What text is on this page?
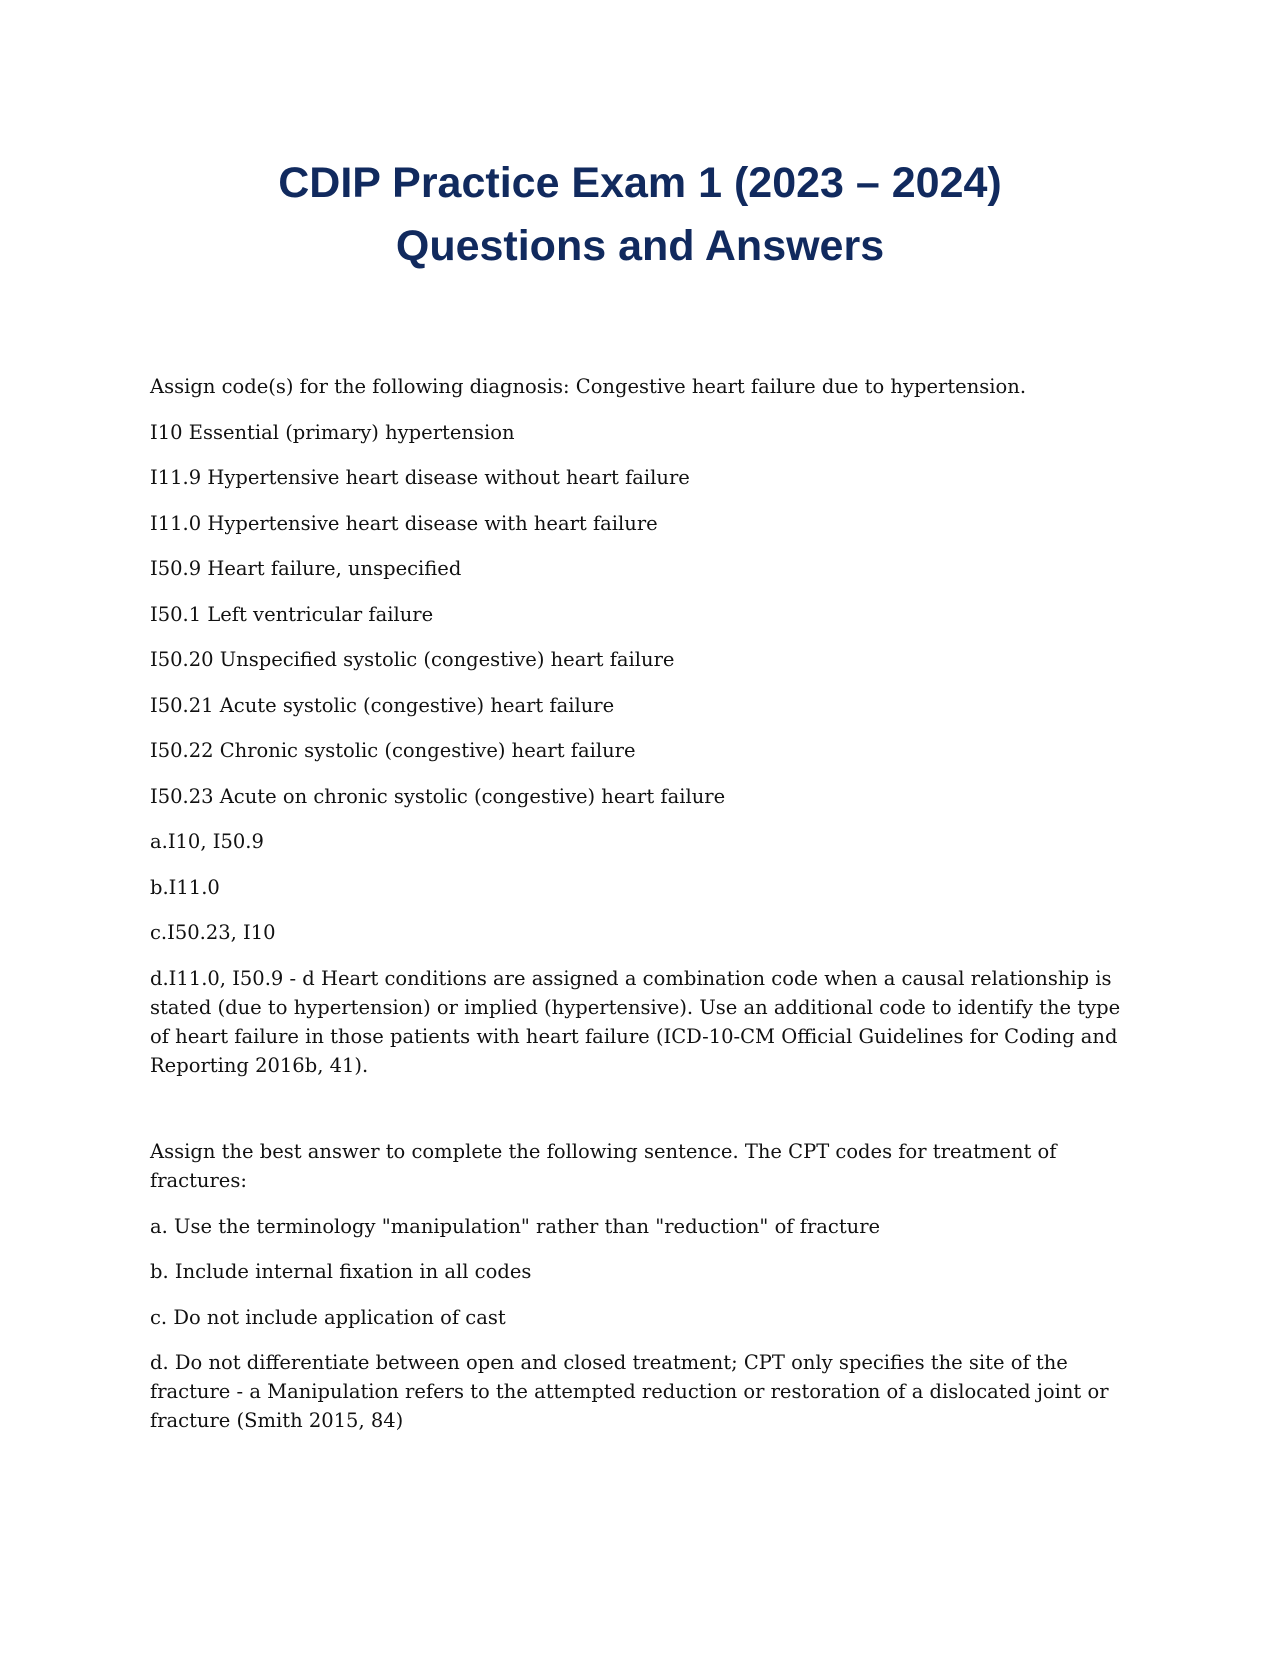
CDIP Practice Exam 1 (2023 – 2024)
Questions and Answers

Assign code(s) for the following diagnosis: Congestive heart failure due to hypertension.

I10 Essential (primary) hypertension

I11.9 Hypertensive heart disease without heart failure

I11.0 Hypertensive heart disease with heart failure

I50.9 Heart failure, unspecified

I50.1 Left ventricular failure

I50.20 Unspecified systolic (congestive) heart failure

I50.21 Acute systolic (congestive) heart failure

I50.22 Chronic systolic (congestive) heart failure

I50.23 Acute on chronic systolic (congestive) heart failure

a.I10, I50.9

b.I11.0

c.I50.23, I10

d.I11.0, I50.9 - d Heart conditions are assigned a combination code when a causal relationship is stated (due to hypertension) or implied (hypertensive). Use an additional code to identify the type of heart failure in those patients with heart failure (ICD-10-CM Official Guidelines for Coding and Reporting 2016b, 41).

Assign the best answer to complete the following sentence. The CPT codes for treatment of fractures:

a. Use the terminology "manipulation" rather than "reduction" of fracture

b. Include internal fixation in all codes

c. Do not include application of cast

d. Do not differentiate between open and closed treatment; CPT only specifies the site of the fracture - a Manipulation refers to the attempted reduction or restoration of a dislocated joint or fracture (Smith 2015, 84)
